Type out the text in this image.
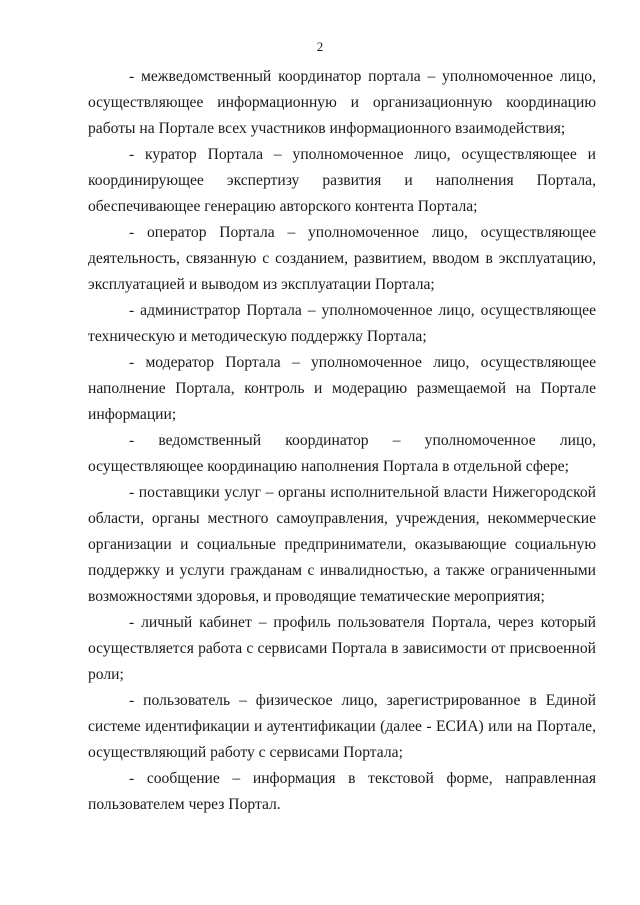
2

- межведомственный координатор портала – уполномоченное лицо, осуществляющее информационную и организационную координацию работы на Портале всех участников информационного взаимодействия;

- куратор Портала – уполномоченное лицо, осуществляющее и координирующее экспертизу развития и наполнения Портала, обеспечивающее генерацию авторского контента Портала;

- оператор Портала – уполномоченное лицо, осуществляющее деятельность, связанную с созданием, развитием, вводом в эксплуатацию, эксплуатацией и выводом из эксплуатации Портала;

- администратор Портала – уполномоченное лицо, осуществляющее техническую и методическую поддержку Портала;

- модератор Портала – уполномоченное лицо, осуществляющее наполнение Портала, контроль и модерацию размещаемой на Портале информации;

- ведомственный координатор – уполномоченное лицо, осуществляющее координацию наполнения Портала в отдельной сфере;

- поставщики услуг – органы исполнительной власти Нижегородской области, органы местного самоуправления, учреждения, некоммерческие организации и социальные предприниматели, оказывающие социальную поддержку и услуги гражданам с инвалидностью, а также ограниченными возможностями здоровья, и проводящие тематические мероприятия;

- личный кабинет – профиль пользователя Портала, через который осуществляется работа с сервисами Портала в зависимости от присвоенной роли;

- пользователь – физическое лицо, зарегистрированное в Единой системе идентификации и аутентификации (далее - ЕСИА) или на Портале, осуществляющий работу с сервисами Портала;

- сообщение – информация в текстовой форме, направленная пользователем через Портал.
